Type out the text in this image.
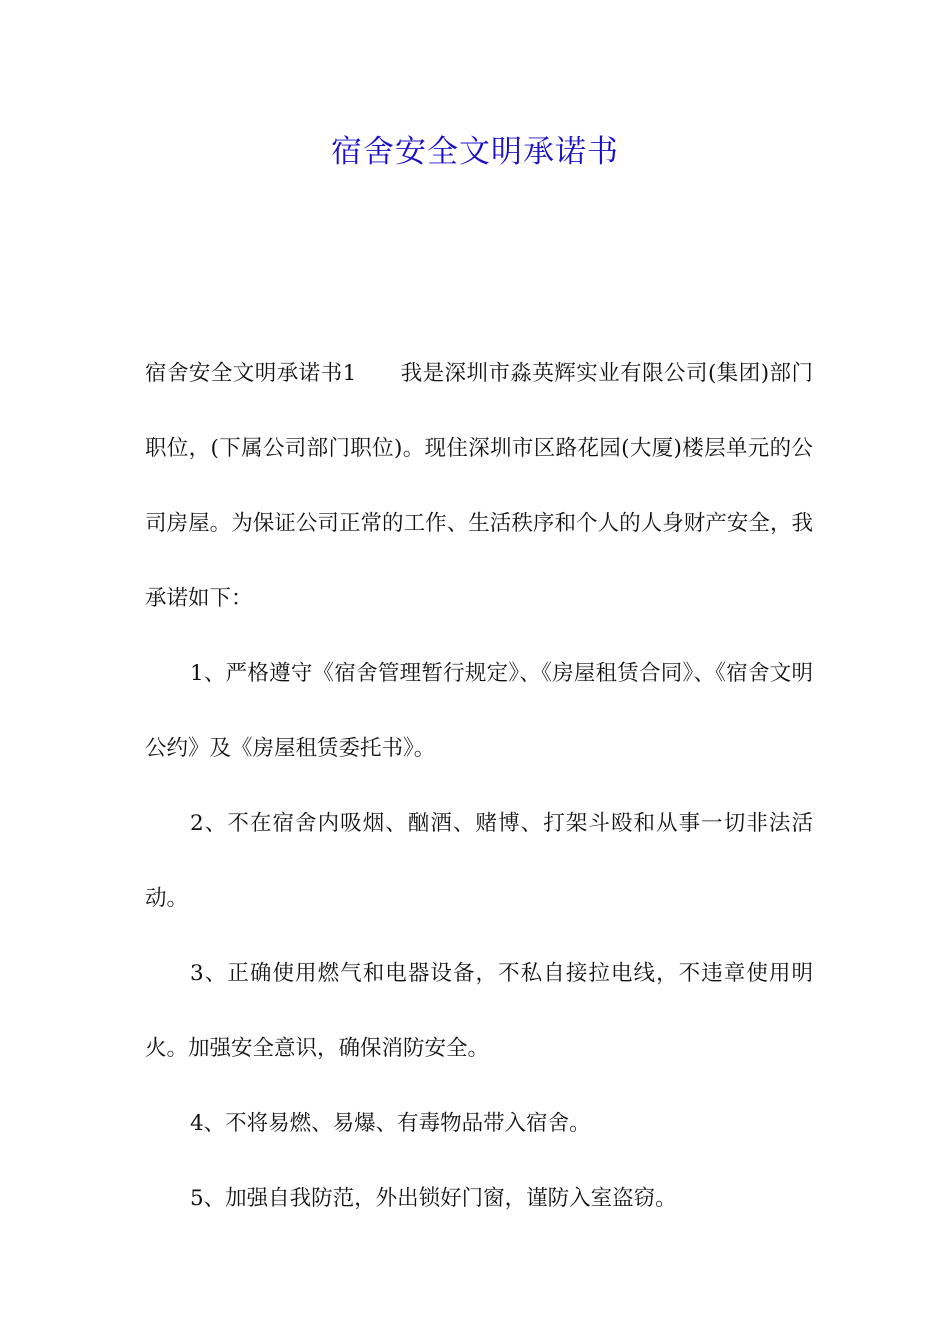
宿舍安全文明承诺书

宿舍安全文明承诺书1　　我是深圳市淼英辉实业有限公司(集团)部门职位，(下属公司部门职位)。现住深圳市区路花园(大厦)楼层单元的公司房屋。为保证公司正常的工作、生活秩序和个人的人身财产安全，我承诺如下：

1、严格遵守《宿舍管理暂行规定》、《房屋租赁合同》、《宿舍文明公约》及《房屋租赁委托书》。

2、不在宿舍内吸烟、酗酒、赌博、打架斗殴和从事一切非法活动。

3、正确使用燃气和电器设备，不私自接拉电线，不违章使用明火。加强安全意识，确保消防安全。

4、不将易燃、易爆、有毒物品带入宿舍。

5、加强自我防范，外出锁好门窗，谨防入室盗窃。
